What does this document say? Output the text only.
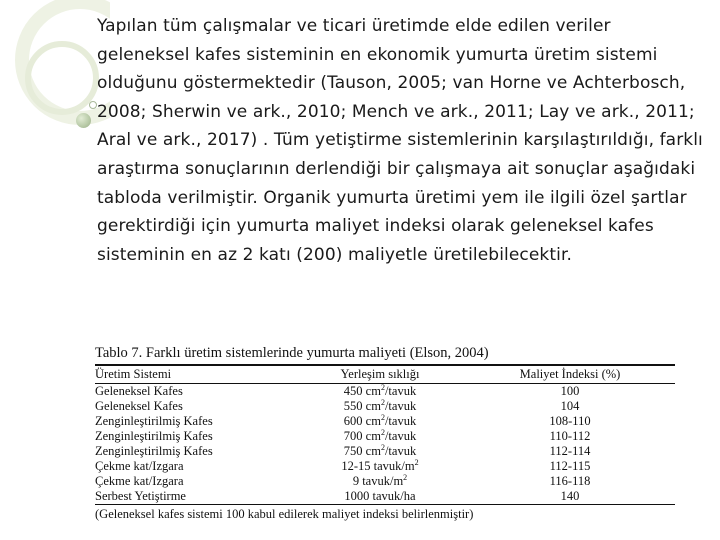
Yapılan tüm çalışmalar ve ticari üretimde elde edilen veriler geleneksel kafes sisteminin en ekonomik yumurta üretim sistemi olduğunu göstermektedir (Tauson, 2005; van Horne ve Achterbosch, 2008; Sherwin ve ark., 2010; Mench ve ark., 2011; Lay ve ark., 2011; Aral ve ark., 2017) . Tüm yetiştirme sistemlerinin karşılaştırıldığı, farklı araştırma sonuçlarının derlendiği bir çalışmaya ait sonuçlar aşağıdaki tabloda verilmiştir. Organik yumurta üretimi yem ile ilgili özel şartlar gerektirdiği için yumurta maliyet indeksi olarak geleneksel kafes sisteminin en az 2 katı (200) maliyetle üretilebilecektir.

Tablo 7. Farklı üretim sistemlerinde yumurta maliyeti (Elson, 2004)
Üretim Sistemi	Yerleşim sıklığı	Maliyet İndeksi (%)
Geleneksel Kafes	450 $cm^2$/tavuk	100
Geleneksel Kafes	550 $cm^2$/tavuk	104
Zenginleştirilmiş Kafes	600 $cm^2$/tavuk	108-110
Zenginleştirilmiş Kafes	700 $cm^2$/tavuk	110-112
Zenginleştirilmiş Kafes	750 $cm^2$/tavuk	112-114
Çekme kat/Izgara	12-15 tavuk/$m^2$	112-115
Çekme kat/Izgara	9 tavuk/$m^2$	116-118
Serbest Yetiştirme	1000 tavuk/ha	140
(Geleneksel kafes sistemi 100 kabul edilerek maliyet indeksi belirlenmiştir)
